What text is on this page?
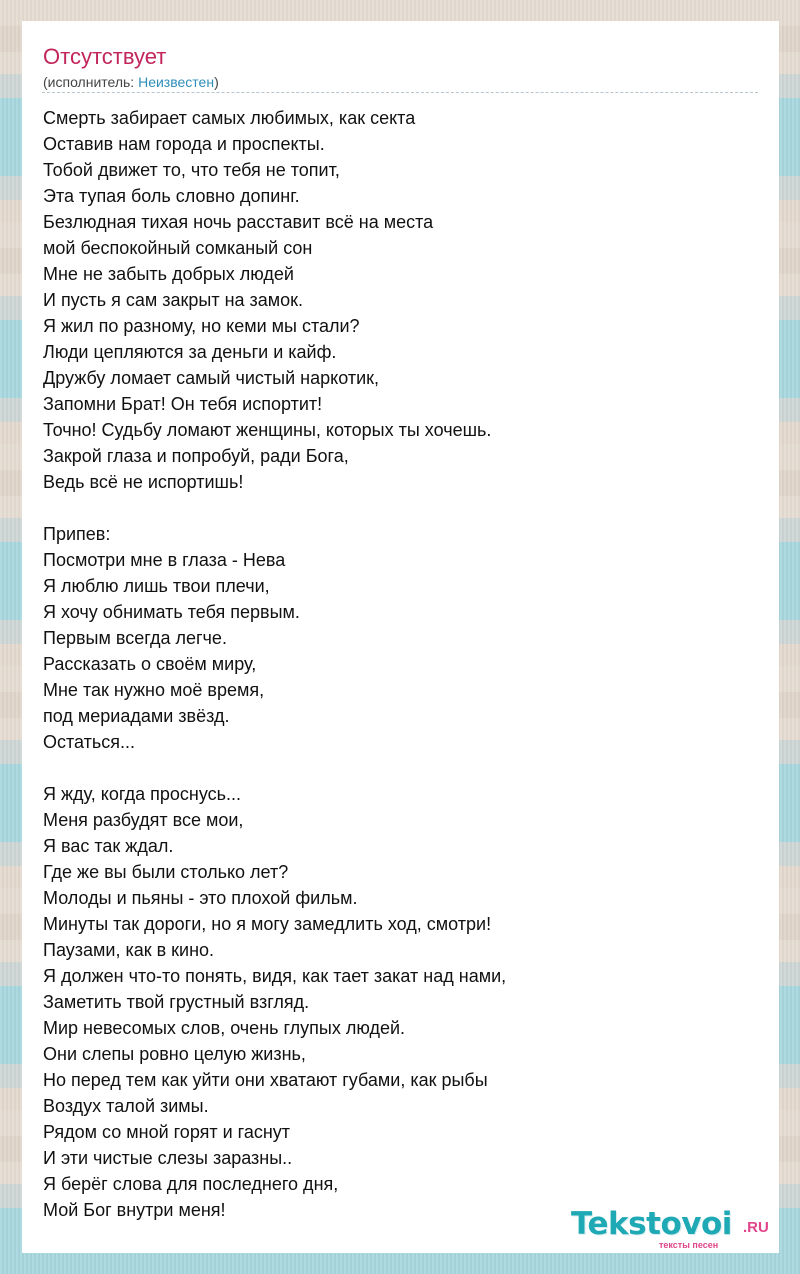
Отсутствует
(исполнитель: Неизвестен)
Смерть забирает самых любимых, как секта
Оставив нам города и проспекты.
Тобой движет то, что тебя не топит,
Эта тупая боль словно допинг.
Безлюдная тихая ночь расставит всё на места
мой беспокойный сомканый сон
Мне не забыть добрых людей
И пусть я сам закрыт на замок.
Я жил по разному, но кеми мы стали?
Люди цепляются за деньги и кайф.
Дружбу ломает самый чистый наркотик,
Запомни Брат! Он тебя испортит!
Точно! Судьбу ломают женщины, которых ты хочешь.
Закрой глаза и попробуй, ради Бога,
Ведь всё не испортишь!
Припев:
Посмотри мне в глаза - Нева
Я люблю лишь твои плечи,
Я хочу обнимать тебя первым.
Первым всегда легче.
Рассказать о своём миру,
Мне так нужно моё время,
под мериадами звёзд.
Остаться...
Я жду, когда проснусь...
Меня разбудят все мои,
Я вас так ждал.
Где же вы были столько лет?
Молоды и пьяны - это плохой фильм.
Минуты так дороги, но я могу замедлить ход, смотри!
Паузами, как в кино.
Я должен что-то понять, видя, как тает закат над нами,
Заметить твой грустный взгляд.
Мир невесомых слов, очень глупых людей.
Они слепы ровно целую жизнь,
Но перед тем как уйти они хватают губами, как рыбы
Воздух талой зимы.
Рядом со мной горят и гаснут
И эти чистые слезы заразны..
Я берёг слова для последнего дня,
Мой Бог внутри меня!	Tekstovoi .RU
тексты песен
